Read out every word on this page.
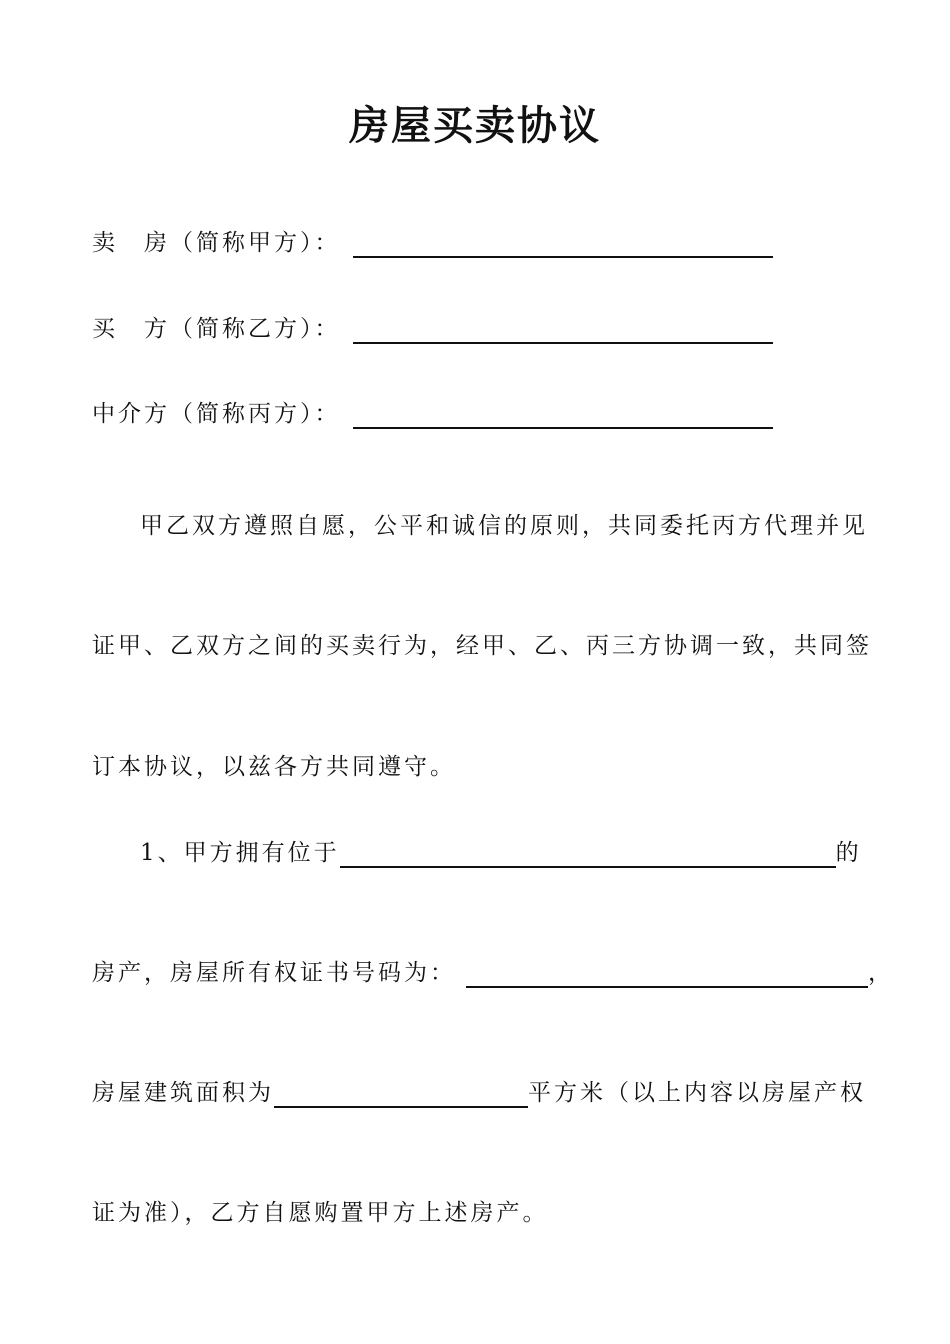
房屋买卖协议
卖　房（简称甲方）：
买　方（简称乙方）：
中介方（简称丙方）：
甲乙双方遵照自愿，公平和诚信的原则，共同委托丙方代理并见
证甲、乙双方之间的买卖行为，经甲、乙、丙三方协调一致，共同签
订本协议，以兹各方共同遵守。
1、甲方拥有位于	的
房产，房屋所有权证书号码为：	，
房屋建筑面积为	平方米（以上内容以房屋产权
证为准），乙方自愿购置甲方上述房产。
